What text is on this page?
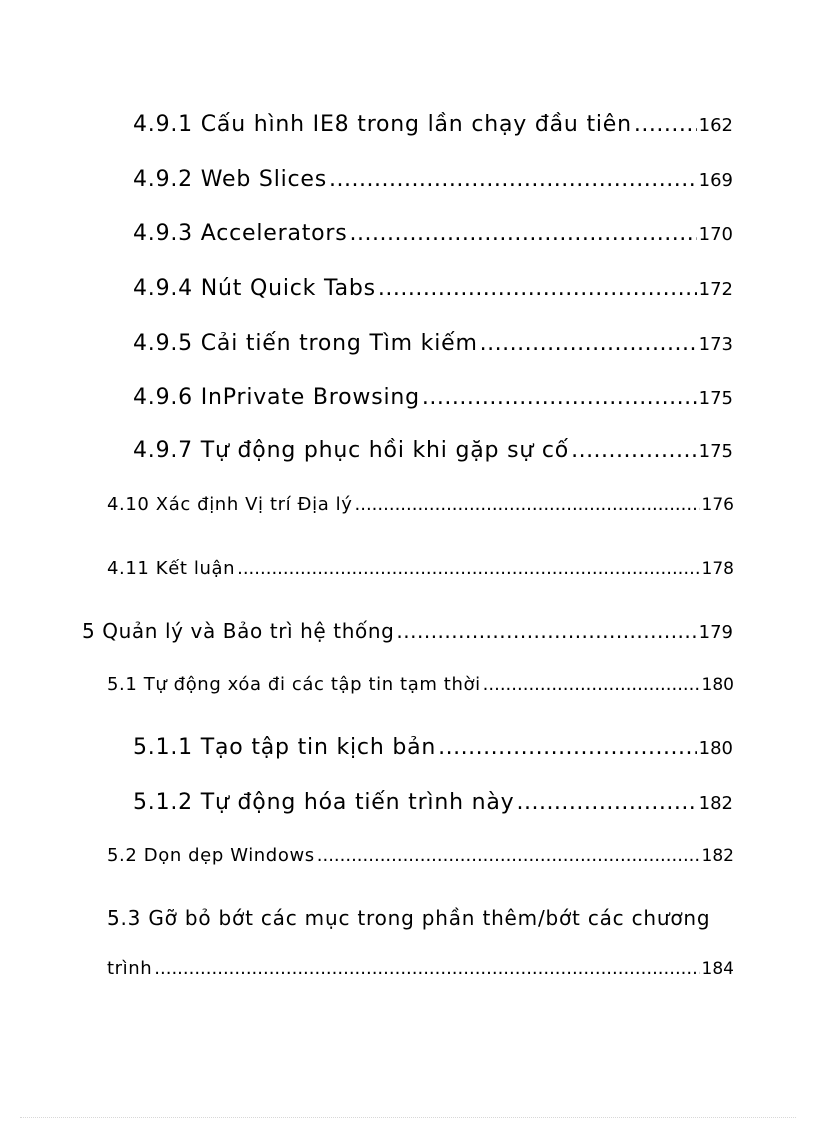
4.9.1 Cấu hình IE8 trong lần chạy đầu tiên .....	162
4.9.2 Web Slices .....	169
4.9.3 Accelerators .....	170
4.9.4 Nút Quick Tabs .....	172
4.9.5 Cải tiến trong Tìm kiếm .....	173
4.9.6 InPrivate Browsing .....	175
4.9.7 Tự động phục hồi khi gặp sự cố .....	175
4.10 Xác định Vị trí Địa lý .....	176
4.11 Kết luận .....	178
5 Quản lý và Bảo trì hệ thống .....	179
5.1 Tự động xóa đi các tập tin tạm thời .....	180
5.1.1 Tạo tập tin kịch bản .....	180
5.1.2 Tự động hóa tiến trình này .....	182
5.2 Dọn dẹp Windows .....	182
5.3 Gỡ bỏ bớt các mục trong phần thêm/bớt các chương
trình .....	184
